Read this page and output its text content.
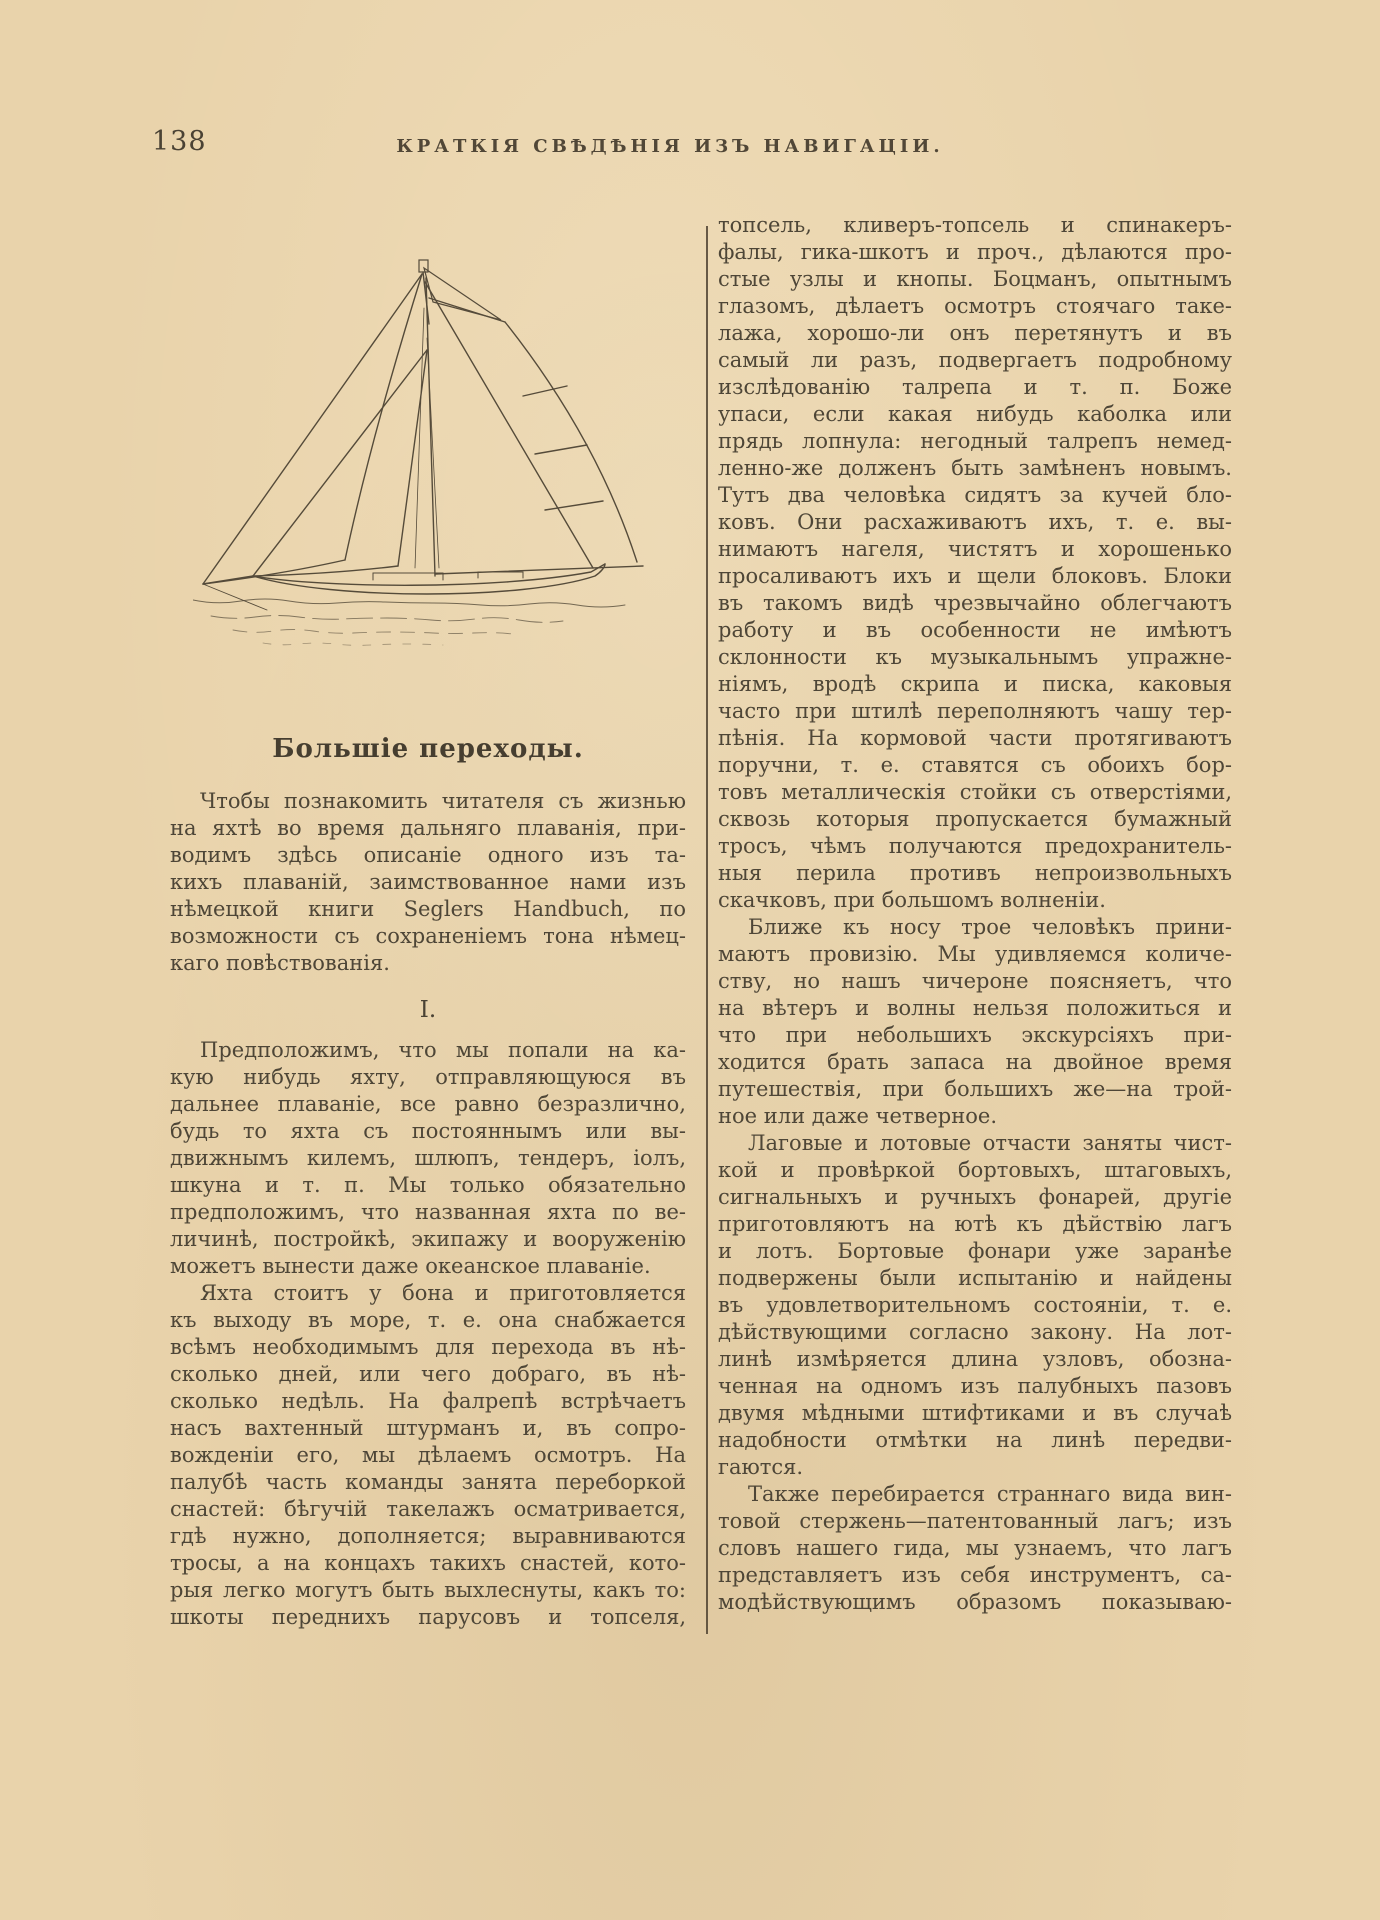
138	КРАТКІЯ СВѢДѢНІЯ ИЗЪ НАВИГАЦІИ.
Большіе переходы.
Чтобы познакомить читателя съ жизнью
на яхтѣ во время дальняго плаванія, при-
водимъ здѣсь описаніе одного изъ та-
кихъ плаваній, заимствованное нами изъ
нѣмецкой книги Seglers Handbuch, по
возможности съ сохраненіемъ тона нѣмец-
каго повѣствованія.
I.
Предположимъ, что мы попали на ка-
кую нибудь яхту, отправляющуюся въ
дальнее плаваніе, все равно безразлично,
будь то яхта съ постояннымъ или вы-
движнымъ килемъ, шлюпъ, тендеръ, іолъ,
шкуна и т. п. Мы только обязательно
предположимъ, что названная яхта по ве-
личинѣ, постройкѣ, экипажу и вооруженію
можетъ вынести даже океанское плаваніе.
Яхта стоитъ у бона и приготовляется
къ выходу въ море, т. е. она снабжается
всѣмъ необходимымъ для перехода въ нѣ-
сколько дней, или чего добраго, въ нѣ-
сколько недѣль. На фалрепѣ встрѣчаетъ
насъ вахтенный штурманъ и, въ сопро-
вожденіи его, мы дѣлаемъ осмотръ. На
палубѣ часть команды занята переборкой
снастей: бѣгучій такелажъ осматривается,
гдѣ нужно, дополняется; выравниваются
тросы, а на концахъ такихъ снастей, кото-
рыя легко могутъ быть выхлеснуты, какъ то:
шкоты переднихъ парусовъ и топселя,
топсель, кливеръ-топсель и спинакеръ-
фалы, гика-шкотъ и проч., дѣлаются про-
стые узлы и кнопы. Боцманъ, опытнымъ
глазомъ, дѣлаетъ осмотръ стоячаго таке-
лажа, хорошо-ли онъ перетянутъ и въ
самый ли разъ, подвергаетъ подробному
изслѣдованію талрепа и т. п. Боже
упаси, если какая нибудь каболка или
прядь лопнула: негодный талрепъ немед-
ленно-же долженъ быть замѣненъ новымъ.
Тутъ два человѣка сидятъ за кучей бло-
ковъ. Они расхаживаютъ ихъ, т. е. вы-
нимаютъ нагеля, чистятъ и хорошенько
просаливаютъ ихъ и щели блоковъ. Блоки
въ такомъ видѣ чрезвычайно облегчаютъ
работу и въ особенности не имѣютъ
склонности къ музыкальнымъ упражне-
ніямъ, вродѣ скрипа и писка, каковыя
часто при штилѣ переполняютъ чашу тер-
пѣнія. На кормовой части протягиваютъ
поручни, т. е. ставятся съ обоихъ бор-
товъ металлическія стойки съ отверстіями,
сквозь которыя пропускается бумажный
тросъ, чѣмъ получаются предохранитель-
ныя перила противъ непроизвольныхъ
скачковъ, при большомъ волненіи.
Ближе къ носу трое человѣкъ прини-
маютъ провизію. Мы удивляемся количе-
ству, но нашъ чичероне поясняетъ, что
на вѣтеръ и волны нельзя положиться и
что при небольшихъ экскурсіяхъ при-
ходится брать запаса на двойное время
путешествія, при большихъ же—на трой-
ное или даже четверное.
Лаговые и лотовые отчасти заняты чист-
кой и провѣркой бортовыхъ, штаговыхъ,
сигнальныхъ и ручныхъ фонарей, другіе
приготовляютъ на ютѣ къ дѣйствію лагъ
и лотъ. Бортовые фонари уже заранѣе
подвержены были испытанію и найдены
въ удовлетворительномъ состояніи, т. е.
дѣйствующими согласно закону. На лот-
линѣ измѣряется длина узловъ, обозна-
ченная на одномъ изъ палубныхъ пазовъ
двумя мѣдными штифтиками и въ случаѣ
надобности отмѣтки на линѣ передви-
гаются.
Также перебирается страннаго вида вин-
товой стержень—патентованный лагъ; изъ
словъ нашего гида, мы узнаемъ, что лагъ
представляетъ изъ себя инструментъ, са-
модѣйствующимъ образомъ показываю-
